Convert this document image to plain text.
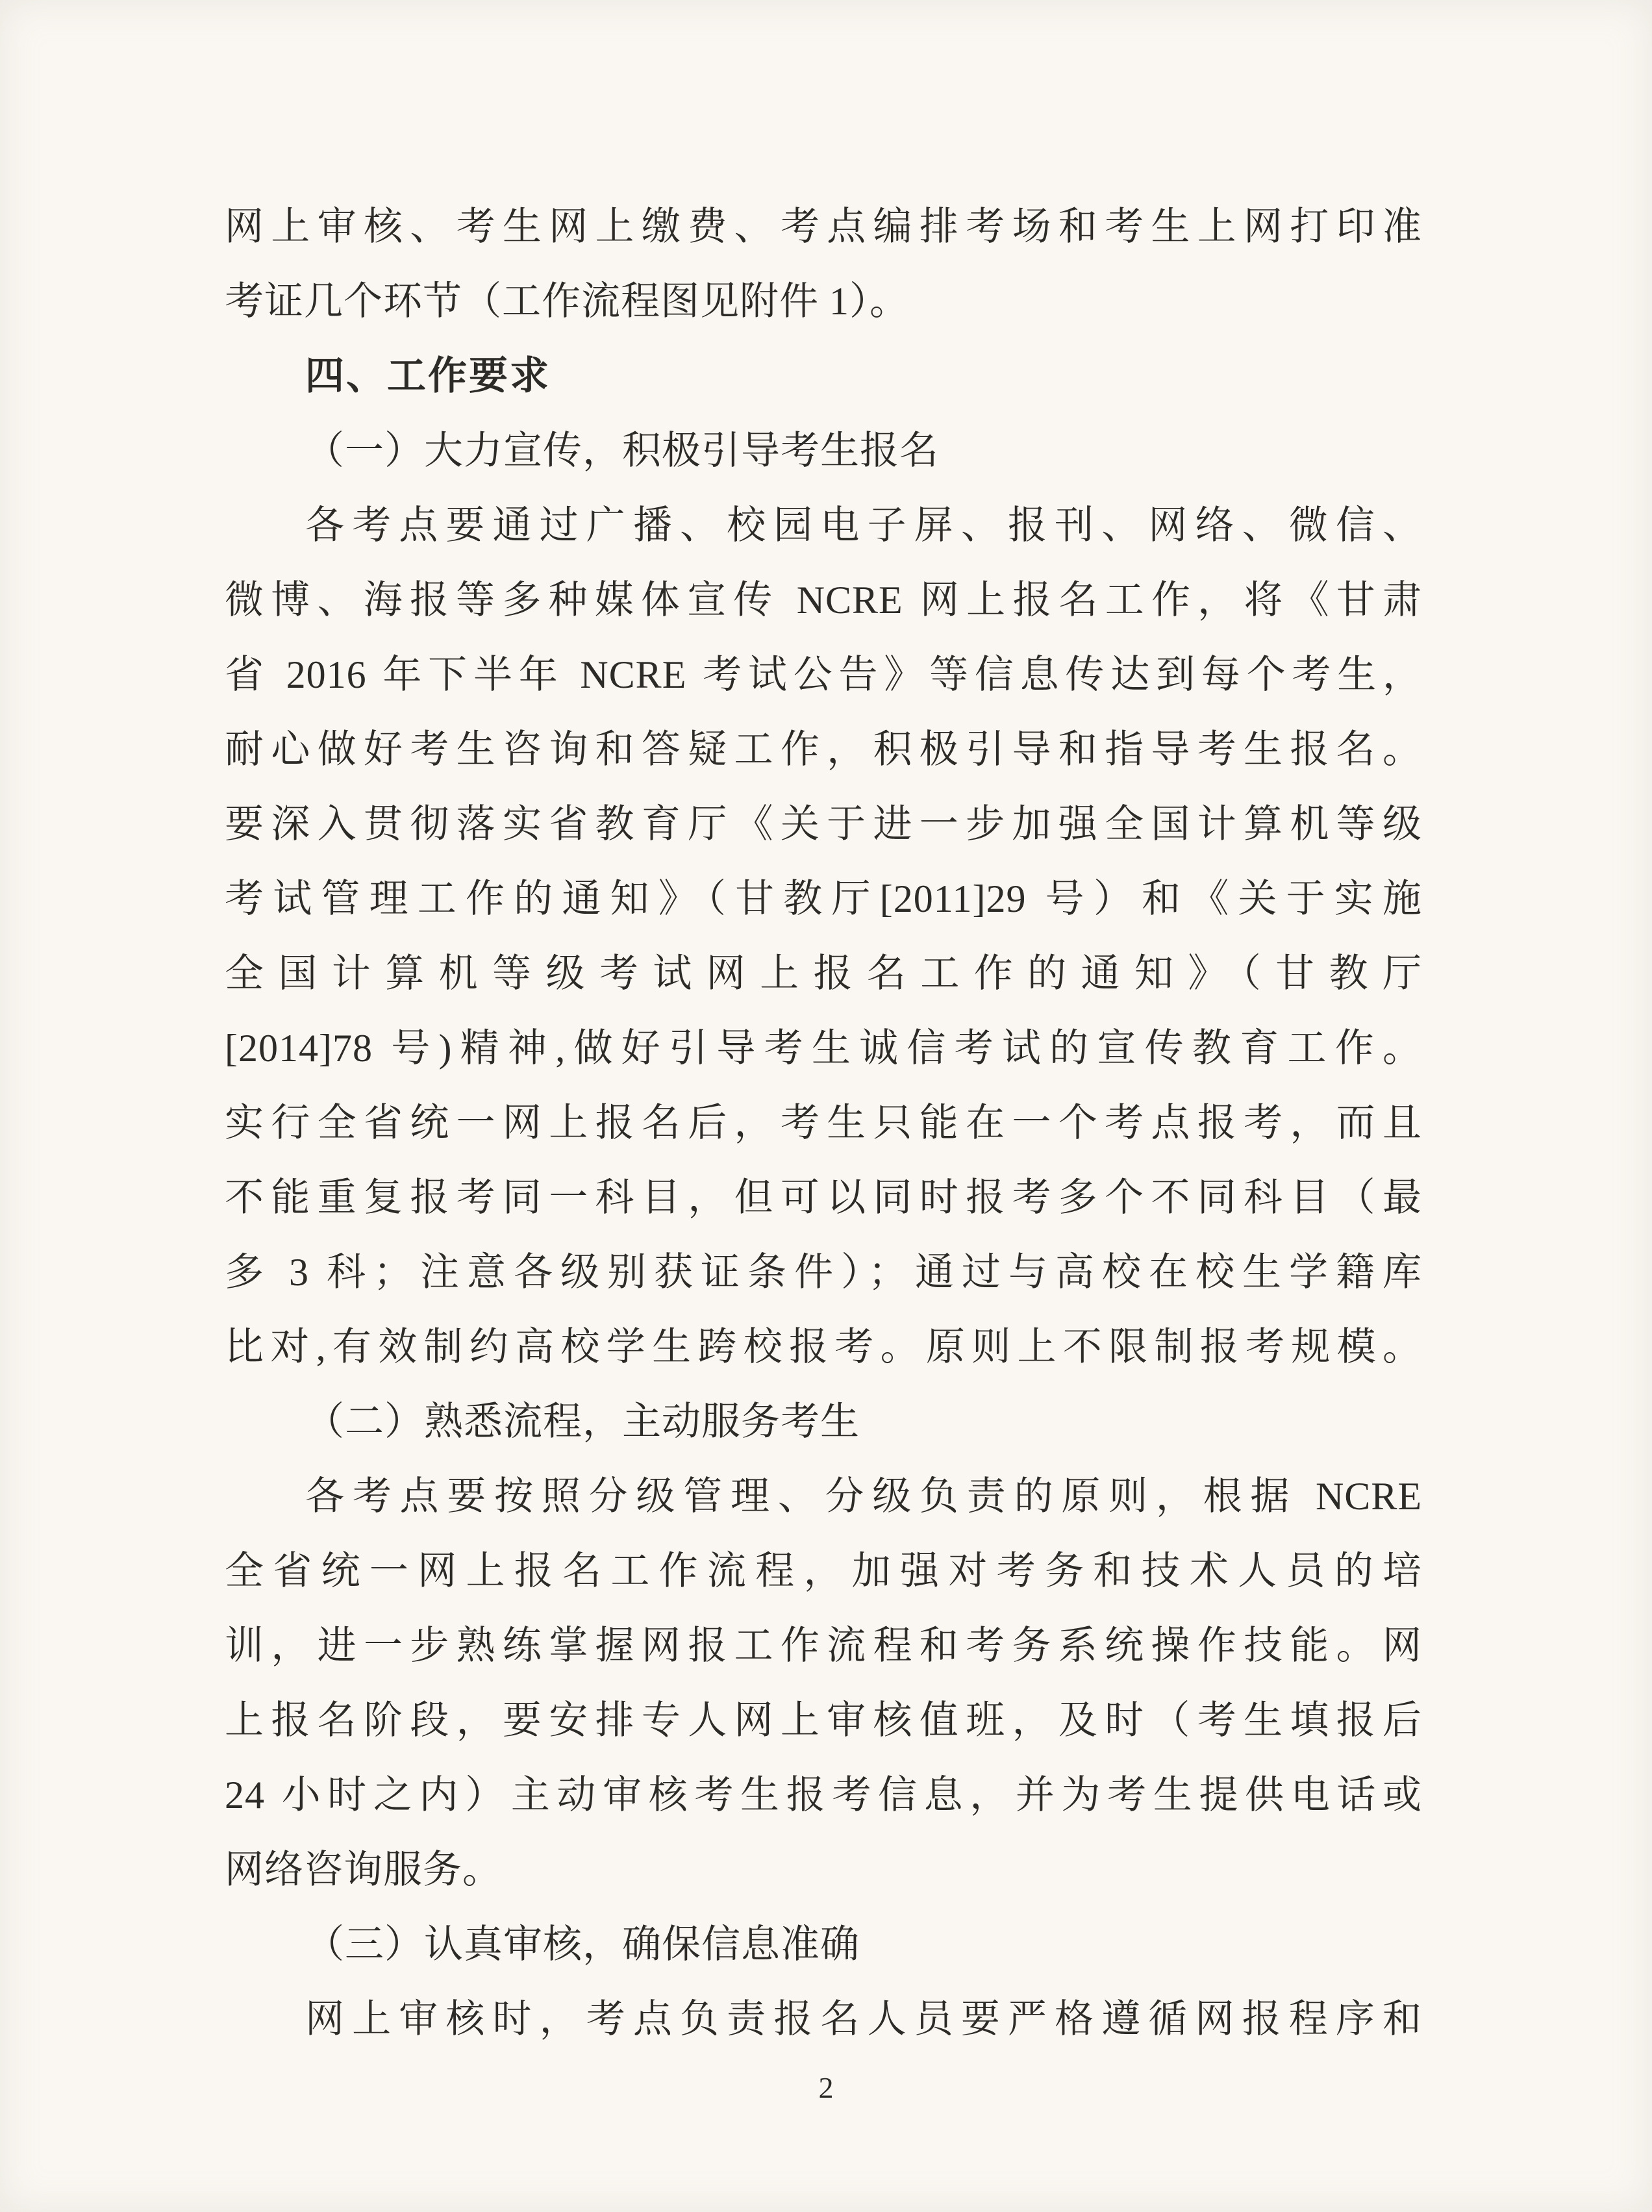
网上审核、考生网上缴费、考点编排考场和考生上网打印准
考证几个环节（工作流程图见附件 1）。
四、工作要求
（一）大力宣传，积极引导考生报名
各考点要通过广播、校园电子屏、报刊、网络、微信、
微博、海报等多种媒体宣传 NCRE 网上报名工作，将《甘肃
省 2016 年下半年 NCRE 考试公告》等信息传达到每个考生，
耐心做好考生咨询和答疑工作，积极引导和指导考生报名。
要深入贯彻落实省教育厅《关于进一步加强全国计算机等级
考试管理工作的通知》（甘教厅[2011]29 号）和《关于实施
全国计算机等级考试网上报名工作的通知》（甘教厅
[2014]78 号)精神,做好引导考生诚信考试的宣传教育工作。
实行全省统一网上报名后，考生只能在一个考点报考，而且
不能重复报考同一科目，但可以同时报考多个不同科目（最
多 3 科；注意各级别获证条件）；通过与高校在校生学籍库
比对,有效制约高校学生跨校报考。原则上不限制报考规模。
（二）熟悉流程，主动服务考生
各考点要按照分级管理、分级负责的原则，根据 NCRE
全省统一网上报名工作流程，加强对考务和技术人员的培
训，进一步熟练掌握网报工作流程和考务系统操作技能。网
上报名阶段，要安排专人网上审核值班，及时（考生填报后
24 小时之内）主动审核考生报考信息，并为考生提供电话或
网络咨询服务。
（三）认真审核，确保信息准确
网上审核时，考点负责报名人员要严格遵循网报程序和
2
